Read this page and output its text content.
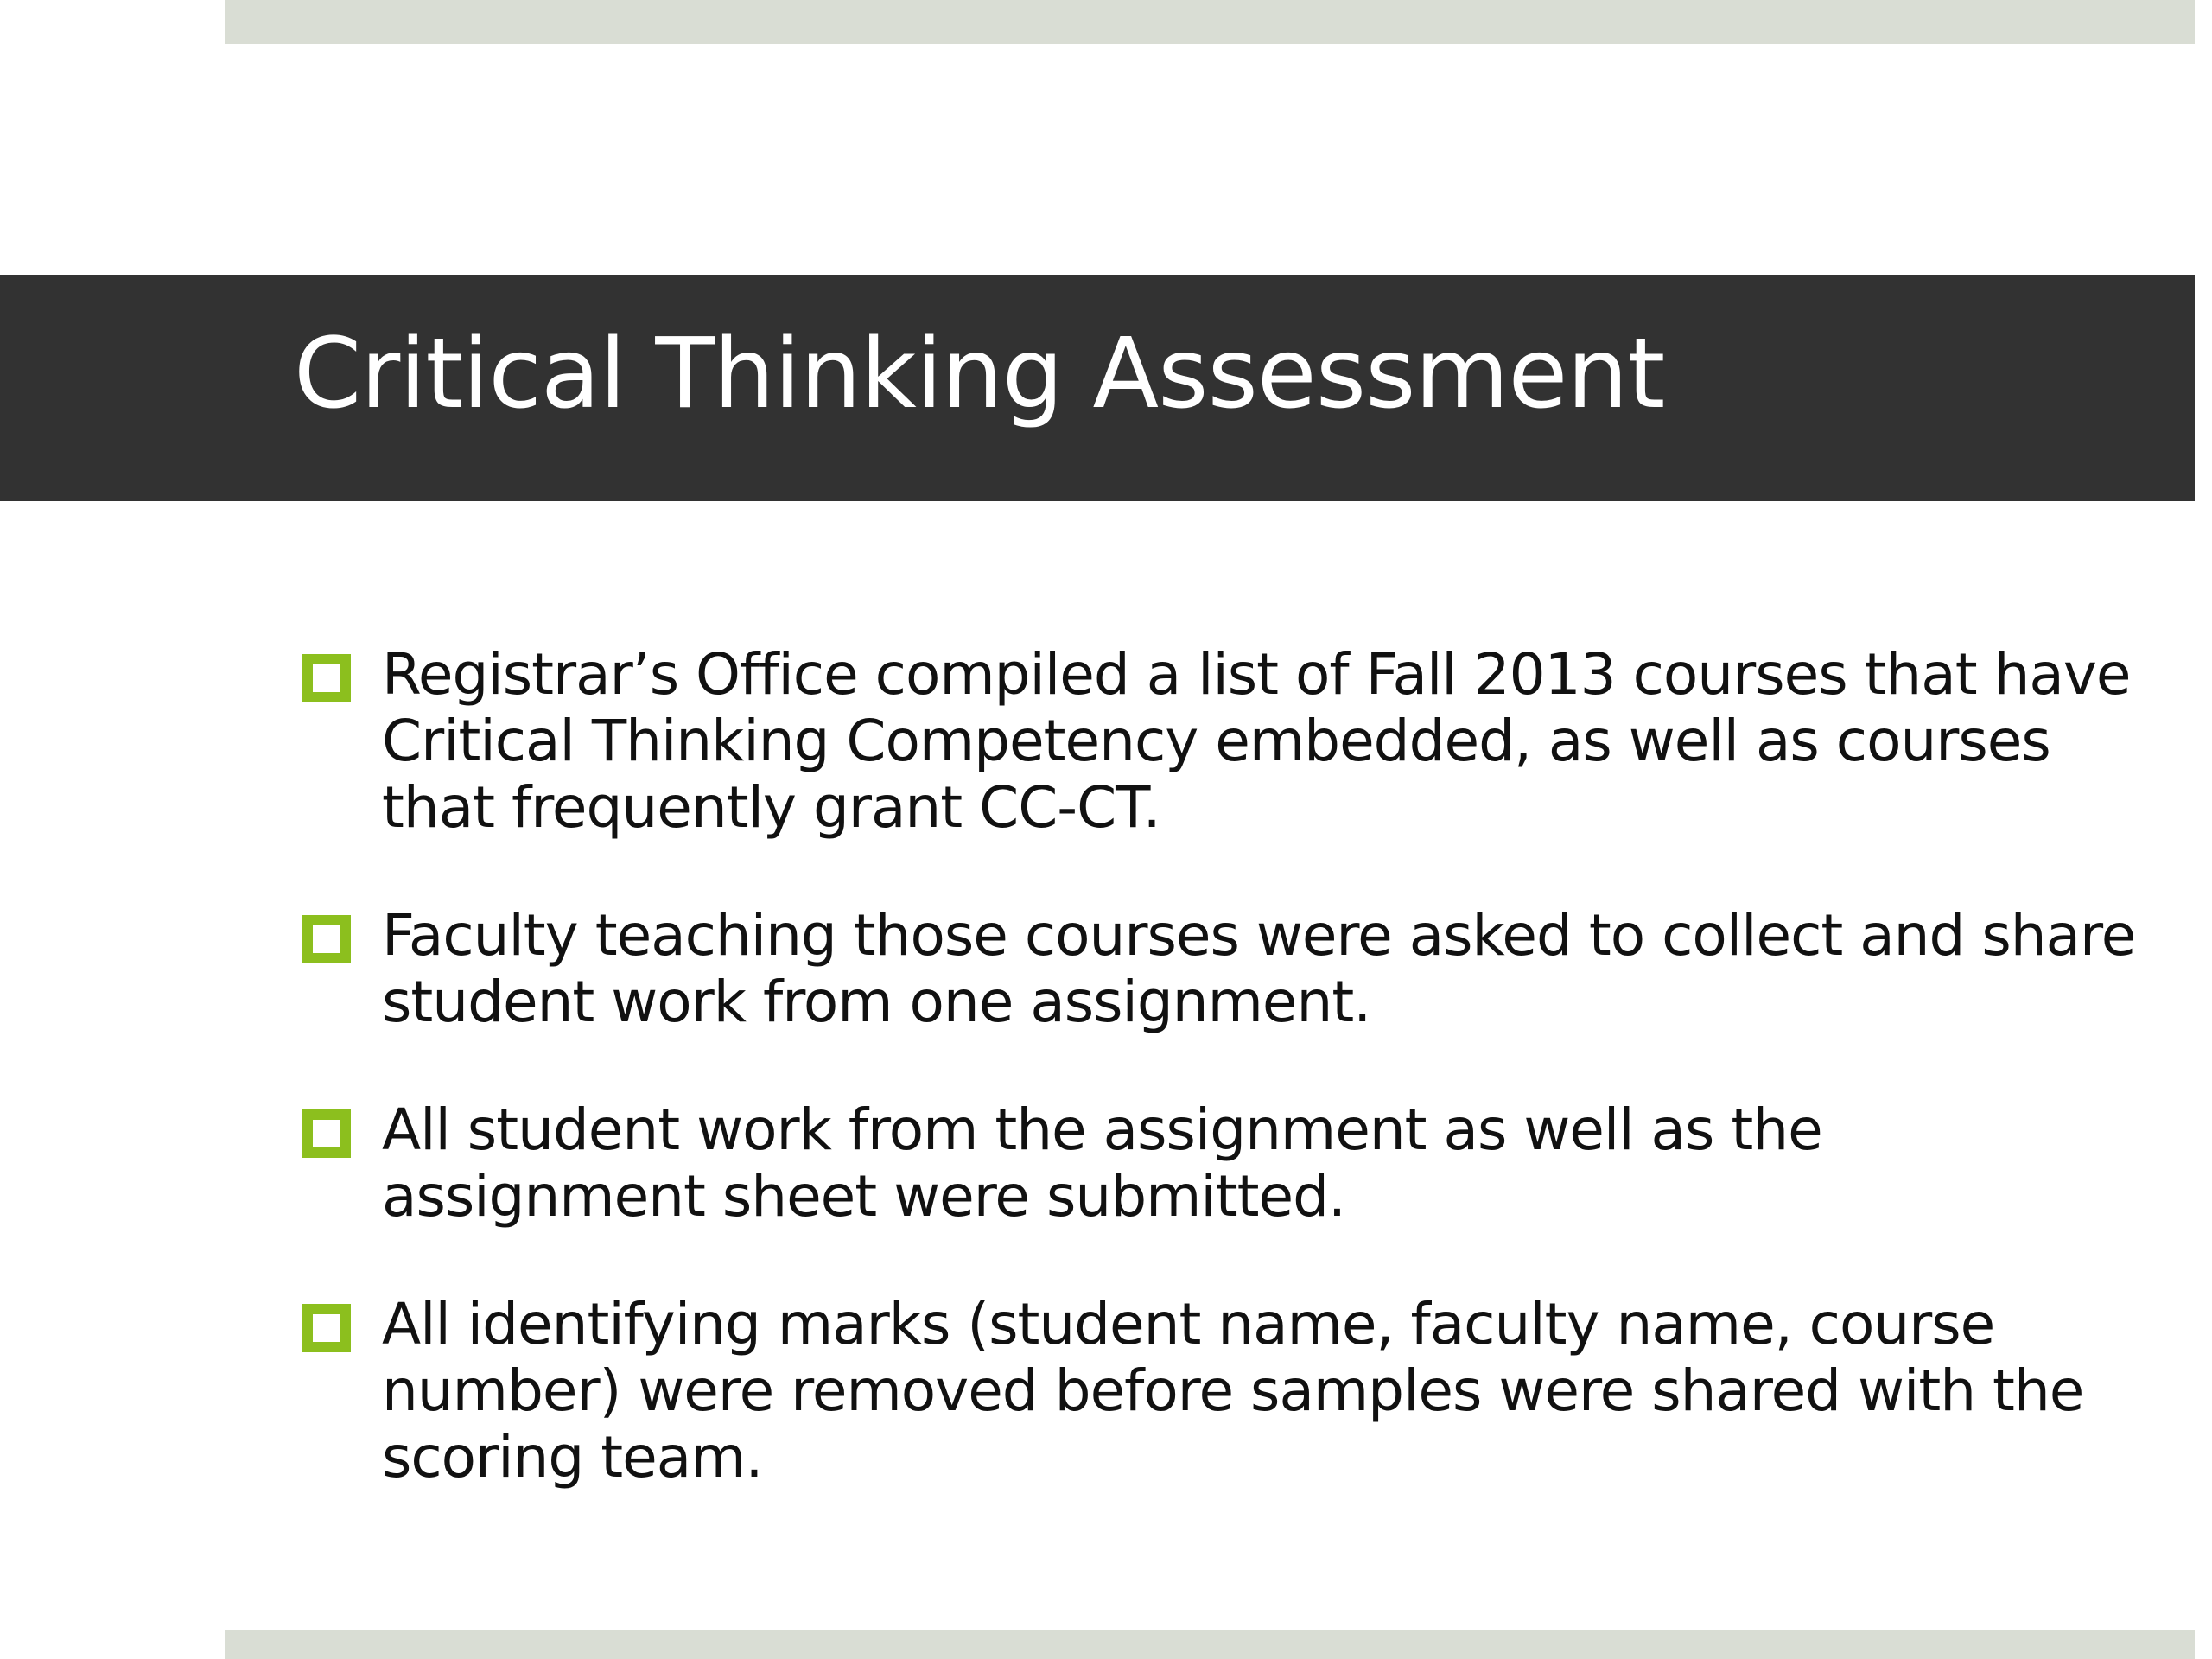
Critical Thinking Assessment
Registrar’s Office compiled a list of Fall 2013 courses that have Critical Thinking Competency embedded, as well as courses that frequently grant CC-CT.
Faculty teaching those courses were asked to collect and share student work from one assignment.
All student work from the assignment as well as the assignment sheet were submitted.
All identifying marks (student name, faculty name, course number) were removed before samples were shared with the scoring team.
